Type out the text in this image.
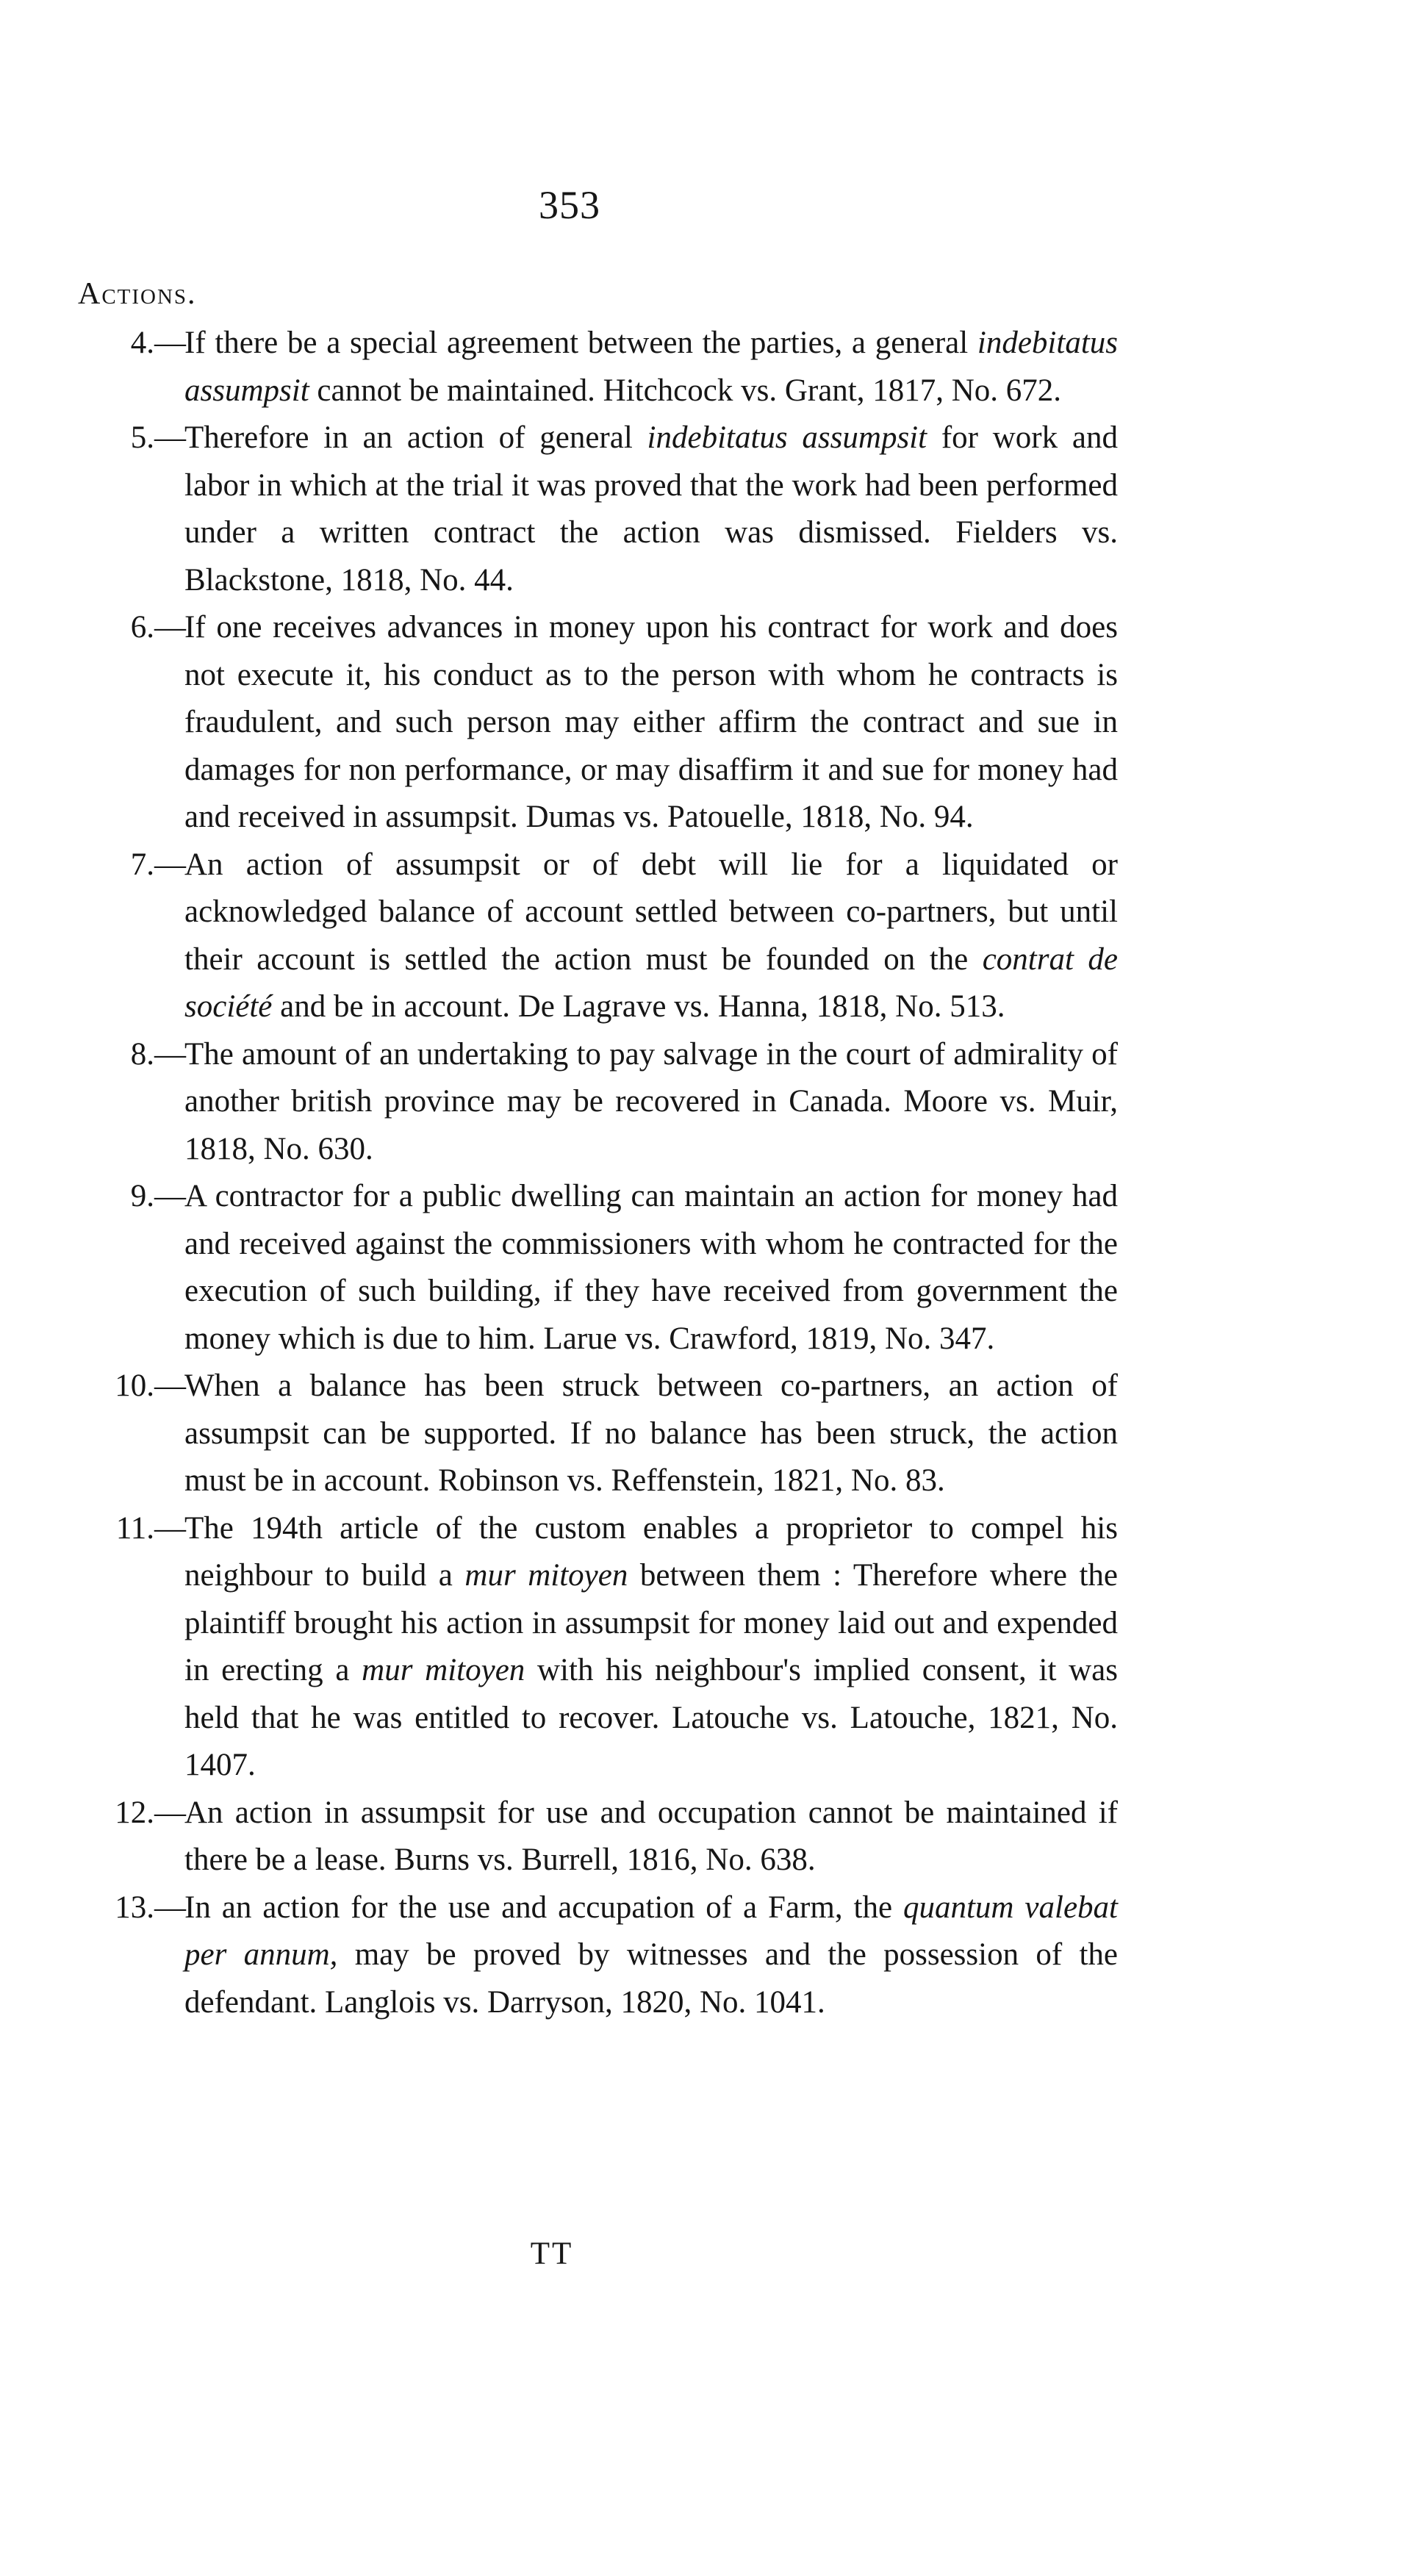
353
Actions.
4.— If there be a special agreement between the parties, a general indebitatus assumpsit cannot be maintained. Hitchcock vs. Grant, 1817, No. 672.
5.— Therefore in an action of general indebitatus assumpsit for work and labor in which at the trial it was proved that the work had been performed under a written contract the action was dismissed. Fielders vs. Blackstone, 1818, No. 44.
6.— If one receives advances in money upon his contract for work and does not execute it, his conduct as to the person with whom he contracts is fraudulent, and such person may either affirm the contract and sue in damages for non performance, or may disaffirm it and sue for money had and received in assumpsit. Dumas vs. Patouelle, 1818, No. 94.
7.— An action of assumpsit or of debt will lie for a liquidated or acknowledged balance of account settled between co-partners, but until their account is settled the action must be founded on the contrat de société and be in account. De Lagrave vs. Hanna, 1818, No. 513.
8.— The amount of an undertaking to pay salvage in the court of admirality of another british province may be recovered in Canada. Moore vs. Muir, 1818, No. 630.
9.— A contractor for a public dwelling can maintain an action for money had and received against the commissioners with whom he contracted for the execution of such building, if they have received from government the money which is due to him. Larue vs. Crawford, 1819, No. 347.
10.— When a balance has been struck between co-partners, an action of assumpsit can be supported. If no balance has been struck, the action must be in account. Robinson vs. Reffenstein, 1821, No. 83.
11.— The 194th article of the custom enables a proprietor to compel his neighbour to build a mur mitoyen between them : Therefore where the plaintiff brought his action in assumpsit for money laid out and expended in erecting a mur mitoyen with his neighbour's implied consent, it was held that he was entitled to recover. Latouche vs. Latouche, 1821, No. 1407.
12.— An action in assumpsit for use and occupation cannot be maintained if there be a lease. Burns vs. Burrell, 1816, No. 638.
13.— In an action for the use and accupation of a Farm, the quantum valebat per annum, may be proved by witnesses and the possession of the defendant. Langlois vs. Darryson, 1820, No. 1041.
TT
